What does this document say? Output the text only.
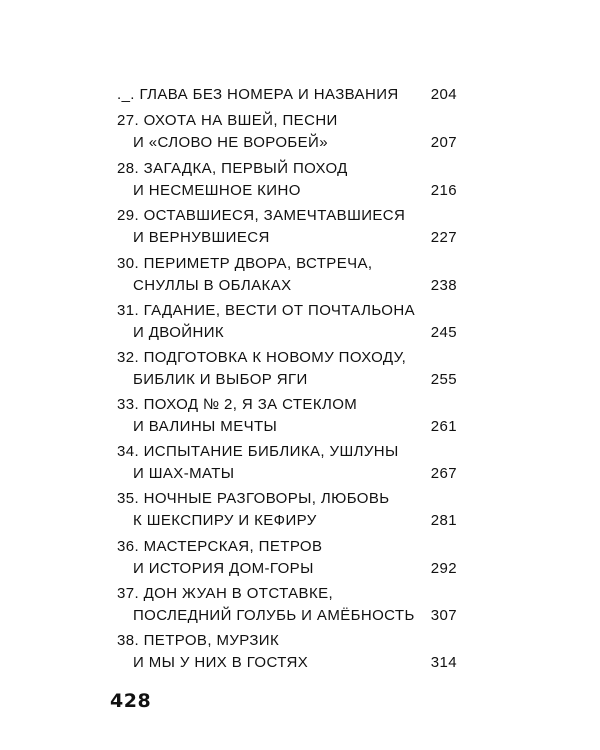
._. ГЛАВА БЕЗ НОМЕРА И НАЗВАНИЯ	204
27. ОХОТА НА ВШЕЙ, ПЕСНИ
И «СЛОВО НЕ ВОРОБЕЙ»	207
28. ЗАГАДКА, ПЕРВЫЙ ПОХОД
И НЕСМЕШНОЕ КИНО	216
29. ОСТАВШИЕСЯ, ЗАМЕЧТАВШИЕСЯ
И ВЕРНУВШИЕСЯ	227
30. ПЕРИМЕТР ДВОРА, ВСТРЕЧА,
СНУЛЛЫ В ОБЛАКАХ	238
31. ГАДАНИЕ, ВЕСТИ ОТ ПОЧТАЛЬОНА
И ДВОЙНИК	245
32. ПОДГОТОВКА К НОВОМУ ПОХОДУ,
БИБЛИК И ВЫБОР ЯГИ	255
33. ПОХОД № 2, Я ЗА СТЕКЛОМ
И ВАЛИНЫ МЕЧТЫ	261
34. ИСПЫТАНИЕ БИБЛИКА, УШЛУНЫ
И ШАХ-МАТЫ	267
35. НОЧНЫЕ РАЗГОВОРЫ, ЛЮБОВЬ
К ШЕКСПИРУ И КЕФИРУ	281
36. МАСТЕРСКАЯ, ПЕТРОВ
И ИСТОРИЯ ДОМ-ГОРЫ	292
37. ДОН ЖУАН В ОТСТАВКЕ,
ПОСЛЕДНИЙ ГОЛУБЬ И АМЁБНОСТЬ	307
38. ПЕТРОВ, МУРЗИК
И МЫ У НИХ В ГОСТЯХ	314
428
